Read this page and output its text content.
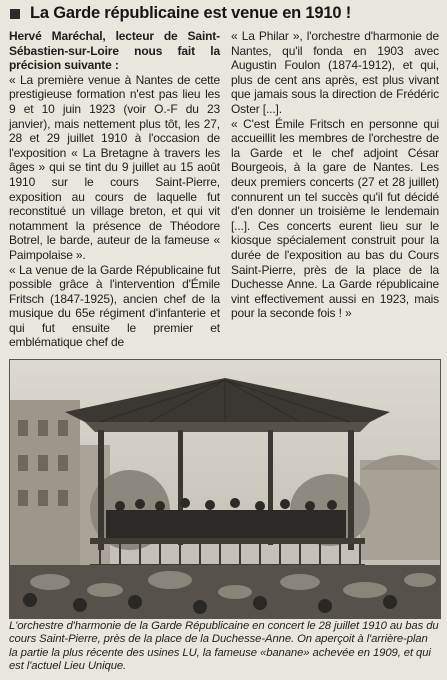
La Garde républicaine est venue en 1910 !

Hervé Maréchal, lecteur de Saint-Sébastien-sur-Loire nous fait la précision suivante :

« La première venue à Nantes de cette prestigieuse formation n'est pas lieu les 9 et 10 juin 1923 (voir O.-F du 23 janvier), mais nettement plus tôt, les 27, 28 et 29 juillet 1910 à l'occasion de l'exposition « La Bretagne à travers les âges » qui se tint du 9 juillet au 15 août 1910 sur le cours Saint-Pierre, exposition au cours de laquelle fut reconstitué un village breton, et qui vit notamment la présence de Théodore Botrel, le barde, auteur de la fameuse « Paimpolaise ».

« La venue de la Garde Républicaine fut possible grâce à l'intervention d'Émile Fritsch (1847-1925), ancien chef de la musique du 65e régiment d'infanterie et qui fut ensuite le premier et emblématique chef de

« La Philar », l'orchestre d'harmonie de Nantes, qu'il fonda en 1903 avec Augustin Foulon (1874-1912), et qui, plus de cent ans après, est plus vivant que jamais sous la direction de Frédéric Oster [...].

« C'est Émile Fritsch en personne qui accueillit les membres de l'orchestre de la Garde et le chef adjoint César Bourgeois, à la gare de Nantes. Les deux premiers concerts (27 et 28 juillet) connurent un tel succès qu'il fut décidé d'en donner un troisième le lendemain [...]. Ces concerts eurent lieu sur le kiosque spécialement construit pour la durée de l'exposition au bas du Cours Saint-Pierre, près de la place de la Duchesse Anne. La Garde républicaine vint effectivement aussi en 1923, mais pour la seconde fois ! »

L'orchestre d'harmonie de la Garde Républicaine en concert le 28 juillet 1910 au bas du cours Saint-Pierre, près de la place de la Duchesse-Anne. On aperçoit à l'arrière-plan la partie la plus récente des usines LU, la fameuse «banane» achevée en 1909, et qui est l'actuel Lieu Unique.
